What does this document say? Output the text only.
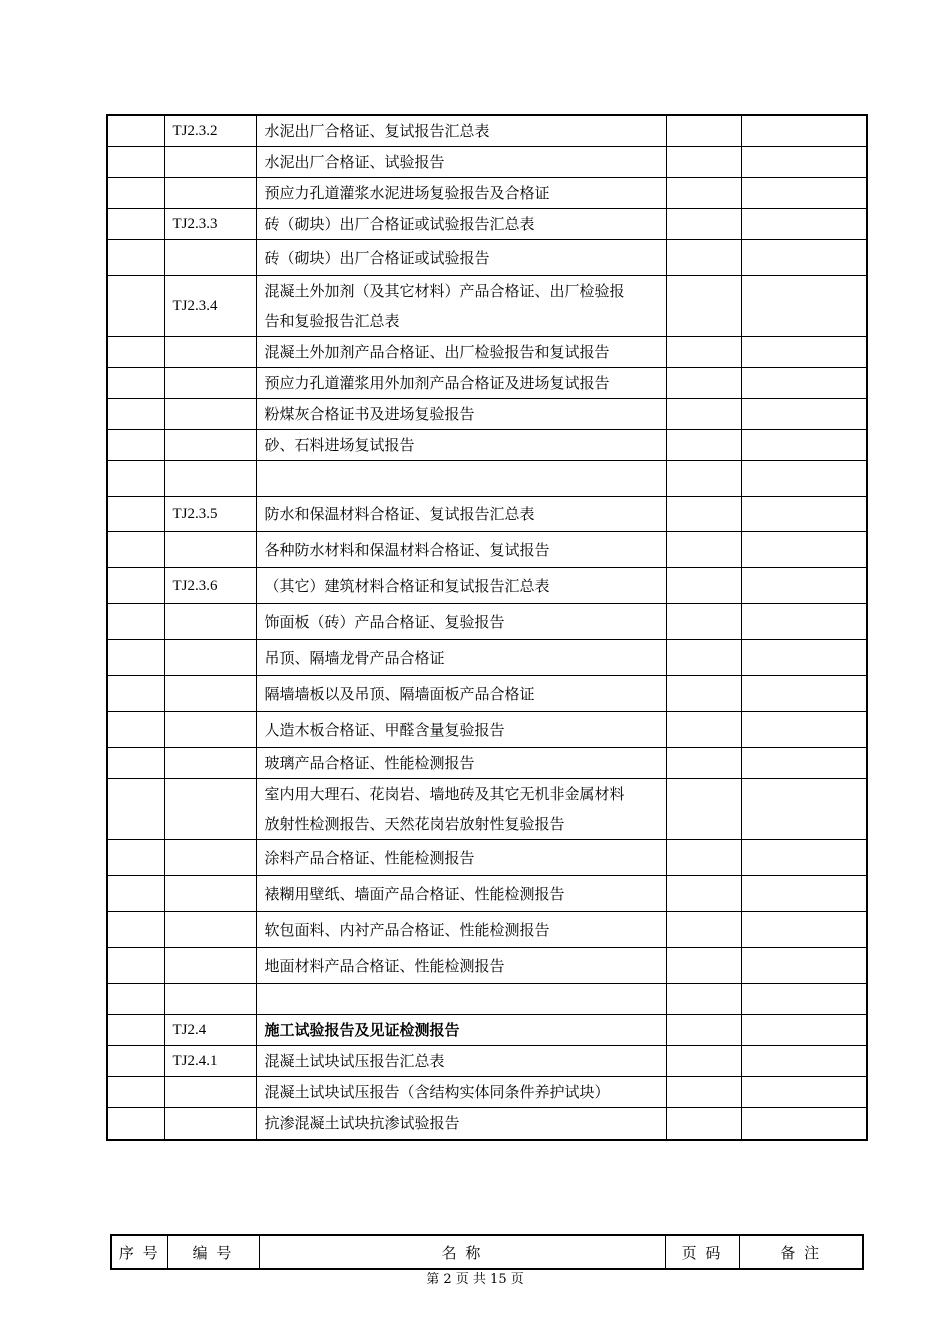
	TJ2.3.2	水泥出厂合格证、复试报告汇总表		
		水泥出厂合格证、试验报告		
		预应力孔道灌浆水泥进场复验报告及合格证		
	TJ2.3.3	砖（砌块）出厂合格证或试验报告汇总表		
		砖（砌块）出厂合格证或试验报告		
	TJ2.3.4	混凝土外加剂（及其它材料）产品合格证、出厂检验报
告和复验报告汇总表		

		混凝土外加剂产品合格证、出厂检验报告和复试报告		
		预应力孔道灌浆用外加剂产品合格证及进场复试报告		
		粉煤灰合格证书及进场复验报告		
		砂、石料进场复试报告		

	TJ2.3.5	防水和保温材料合格证、复试报告汇总表		
		各种防水材料和保温材料合格证、复试报告		
	TJ2.3.6	（其它）建筑材料合格证和复试报告汇总表		
		饰面板（砖）产品合格证、复验报告		
		吊顶、隔墙龙骨产品合格证		
		隔墙墙板以及吊顶、隔墙面板产品合格证		
		人造木板合格证、甲醛含量复验报告		
		玻璃产品合格证、性能检测报告		

		室内用大理石、花岗岩、墙地砖及其它无机非金属材料
放射性检测报告、天然花岗岩放射性复验报告		

		涂料产品合格证、性能检测报告		
		裱糊用壁纸、墙面产品合格证、性能检测报告		
		软包面料、内衬产品合格证、性能检测报告		
		地面材料产品合格证、性能检测报告		

	TJ2.4	施工试验报告及见证检测报告		
	TJ2.4.1	混凝土试块试压报告汇总表		
		混凝土试块试压报告（含结构实体同条件养护试块）		
		抗渗混凝土试块抗渗试验报告		
序 号	编 号	名 称	页 码	备 注
第 2 页 共 15 页
